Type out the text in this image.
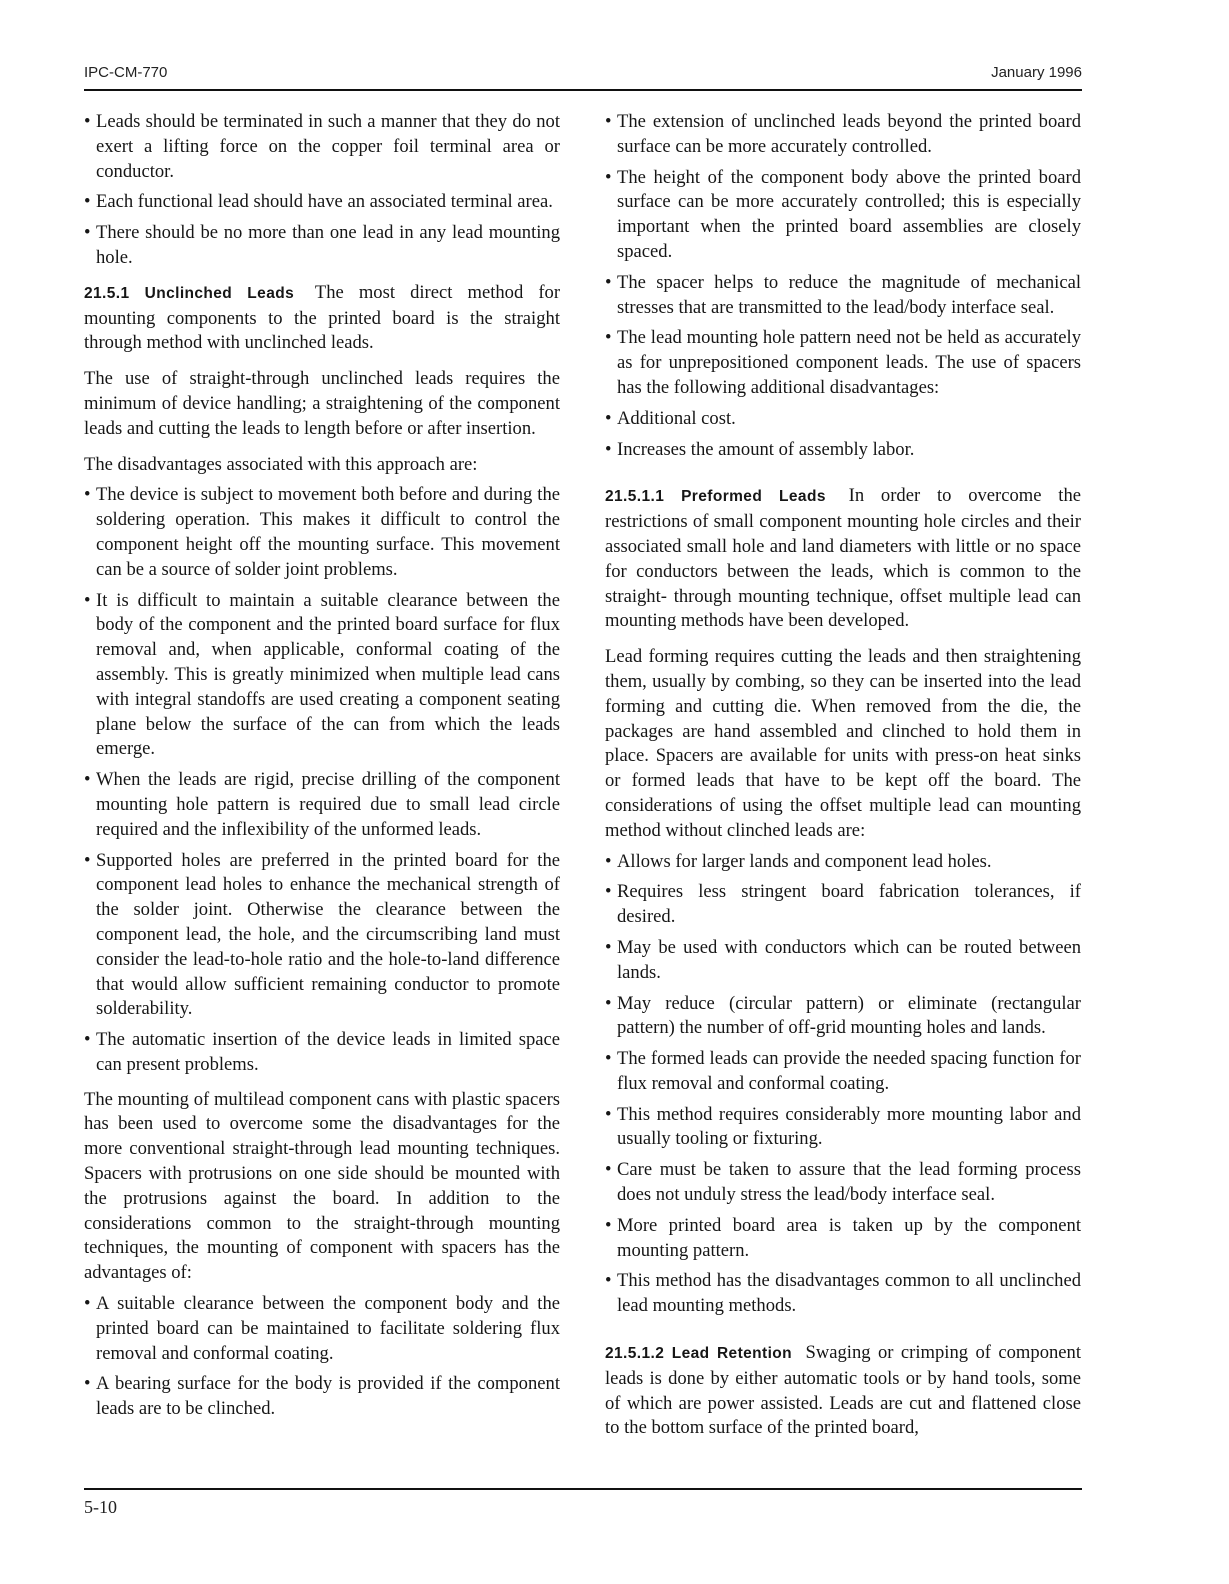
IPC-CM-770	January 1996
• Leads should be terminated in such a manner that they do not exert a lifting force on the copper foil terminal area or conductor.
• Each functional lead should have an associated terminal area.
• There should be no more than one lead in any lead mounting hole.

21.5.1 Unclinched Leads The most direct method for mounting components to the printed board is the straight through method with unclinched leads.

The use of straight-through unclinched leads requires the minimum of device handling; a straightening of the component leads and cutting the leads to length before or after insertion.

The disadvantages associated with this approach are:

• The device is subject to movement both before and during the soldering operation. This makes it difficult to control the component height off the mounting surface. This movement can be a source of solder joint problems.
• It is difficult to maintain a suitable clearance between the body of the component and the printed board surface for flux removal and, when applicable, conformal coating of the assembly. This is greatly minimized when multiple lead cans with integral standoffs are used creating a component seating plane below the surface of the can from which the leads emerge.
• When the leads are rigid, precise drilling of the component mounting hole pattern is required due to small lead circle required and the inflexibility of the unformed leads.
• Supported holes are preferred in the printed board for the component lead holes to enhance the mechanical strength of the solder joint. Otherwise the clearance between the component lead, the hole, and the circumscribing land must consider the lead-to-hole ratio and the hole-to-land difference that would allow sufficient remaining conductor to promote solderability.
• The automatic insertion of the device leads in limited space can present problems.

The mounting of multilead component cans with plastic spacers has been used to overcome some the disadvantages for the more conventional straight-through lead mounting techniques. Spacers with protrusions on one side should be mounted with the protrusions against the board. In addition to the considerations common to the straight-through mounting techniques, the mounting of component with spacers has the advantages of:

• A suitable clearance between the component body and the printed board can be maintained to facilitate soldering flux removal and conformal coating.
• A bearing surface for the body is provided if the component leads are to be clinched.
• The extension of unclinched leads beyond the printed board surface can be more accurately controlled.
• The height of the component body above the printed board surface can be more accurately controlled; this is especially important when the printed board assemblies are closely spaced.
• The spacer helps to reduce the magnitude of mechanical stresses that are transmitted to the lead/body interface seal.
• The lead mounting hole pattern need not be held as accurately as for unprepositioned component leads. The use of spacers has the following additional disadvantages:
• Additional cost.
• Increases the amount of assembly labor.

21.5.1.1 Preformed Leads In order to overcome the restrictions of small component mounting hole circles and their associated small hole and land diameters with little or no space for conductors between the leads, which is common to the straight- through mounting technique, offset multiple lead can mounting methods have been developed.

Lead forming requires cutting the leads and then straightening them, usually by combing, so they can be inserted into the lead forming and cutting die. When removed from the die, the packages are hand assembled and clinched to hold them in place. Spacers are available for units with press-on heat sinks or formed leads that have to be kept off the board. The considerations of using the offset multiple lead can mounting method without clinched leads are:

• Allows for larger lands and component lead holes.
• Requires less stringent board fabrication tolerances, if desired.
• May be used with conductors which can be routed between lands.
• May reduce (circular pattern) or eliminate (rectangular pattern) the number of off-grid mounting holes and lands.
• The formed leads can provide the needed spacing function for flux removal and conformal coating.
• This method requires considerably more mounting labor and usually tooling or fixturing.
• Care must be taken to assure that the lead forming process does not unduly stress the lead/body interface seal.
• More printed board area is taken up by the component mounting pattern.
• This method has the disadvantages common to all unclinched lead mounting methods.

21.5.1.2 Lead Retention Swaging or crimping of component leads is done by either automatic tools or by hand tools, some of which are power assisted. Leads are cut and flattened close to the bottom surface of the printed board,

5-10
